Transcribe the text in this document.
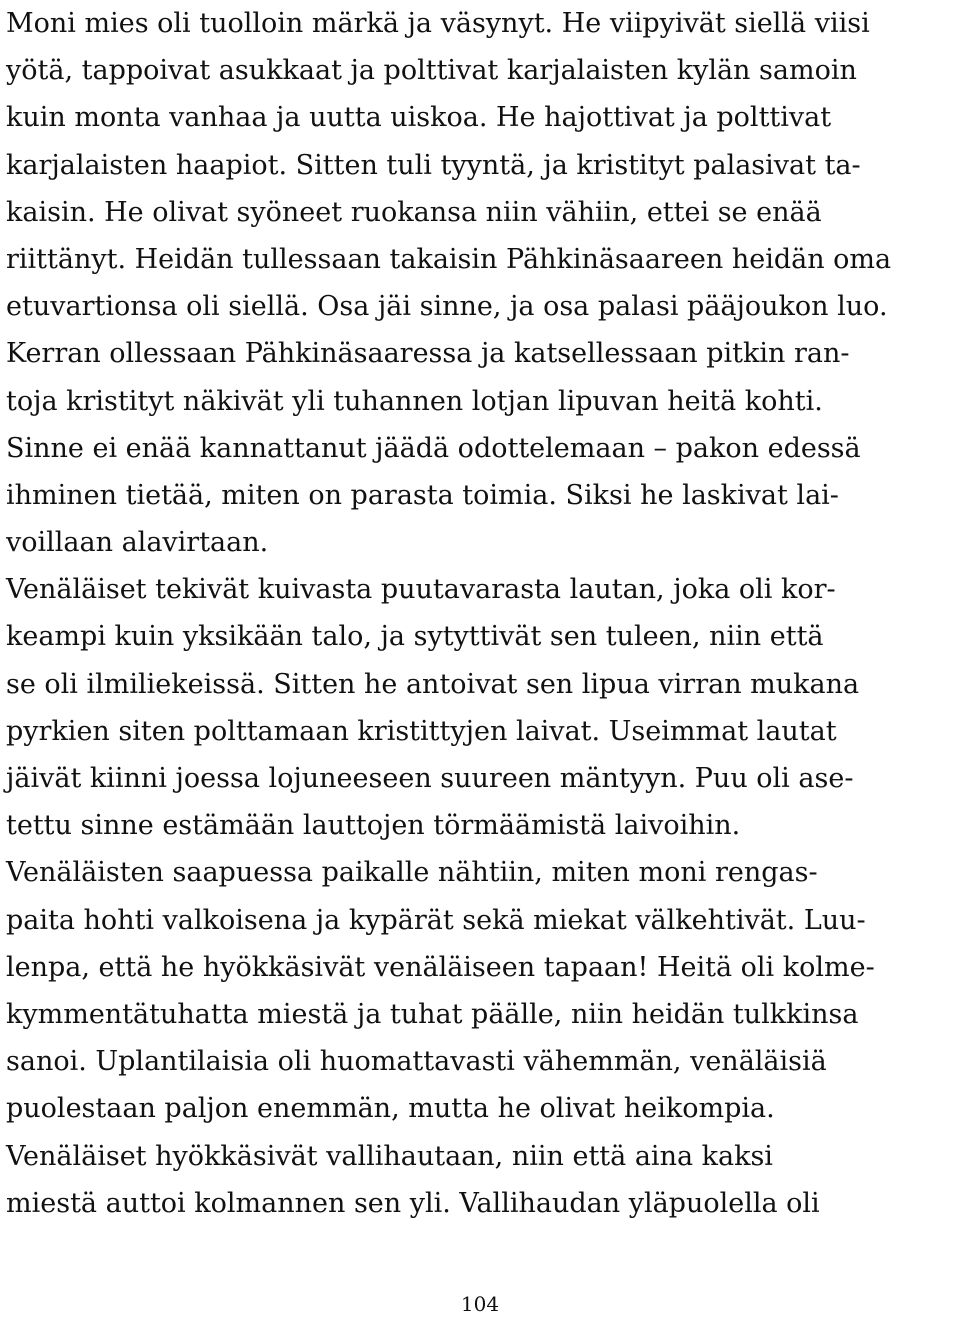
Moni mies oli tuolloin märkä ja väsynyt. He viipyivät siellä viisi
yötä, tappoivat asukkaat ja polttivat karjalaisten kylän samoin
kuin monta vanhaa ja uutta uiskoa. He hajottivat ja polttivat
karjalaisten haapiot. Sitten tuli tyyntä, ja kristityt palasivat ta-
kaisin. He olivat syöneet ruokansa niin vähiin, ettei se enää
riittänyt. Heidän tullessaan takaisin Pähkinäsaareen heidän oma
etuvartionsa oli siellä. Osa jäi sinne, ja osa palasi pääjoukon luo.
Kerran ollessaan Pähkinäsaaressa ja katsellessaan pitkin ran-
toja kristityt näkivät yli tuhannen lotjan lipuvan heitä kohti.
Sinne ei enää kannattanut jäädä odottelemaan – pakon edessä
ihminen tietää, miten on parasta toimia. Siksi he laskivat lai-
voillaan alavirtaan.
Venäläiset tekivät kuivasta puutavarasta lautan, joka oli kor-
keampi kuin yksikään talo, ja sytyttivät sen tuleen, niin että
se oli ilmiliekeissä. Sitten he antoivat sen lipua virran mukana
pyrkien siten polttamaan kristittyjen laivat. Useimmat lautat
jäivät kiinni joessa lojuneeseen suureen mäntyyn. Puu oli ase-
tettu sinne estämään lauttojen törmäämistä laivoihin.
Venäläisten saapuessa paikalle nähtiin, miten moni rengas-
paita hohti valkoisena ja kypärät sekä miekat välkehtivät. Luu-
lenpa, että he hyökkäsivät venäläiseen tapaan! Heitä oli kolme-
kymmentätuhatta miestä ja tuhat päälle, niin heidän tulkkinsa
sanoi. Uplantilaisia oli huomattavasti vähemmän, venäläisiä
puolestaan paljon enemmän, mutta he olivat heikompia.
Venäläiset hyökkäsivät vallihautaan, niin että aina kaksi
miestä auttoi kolmannen sen yli. Vallihaudan yläpuolella oli
104
